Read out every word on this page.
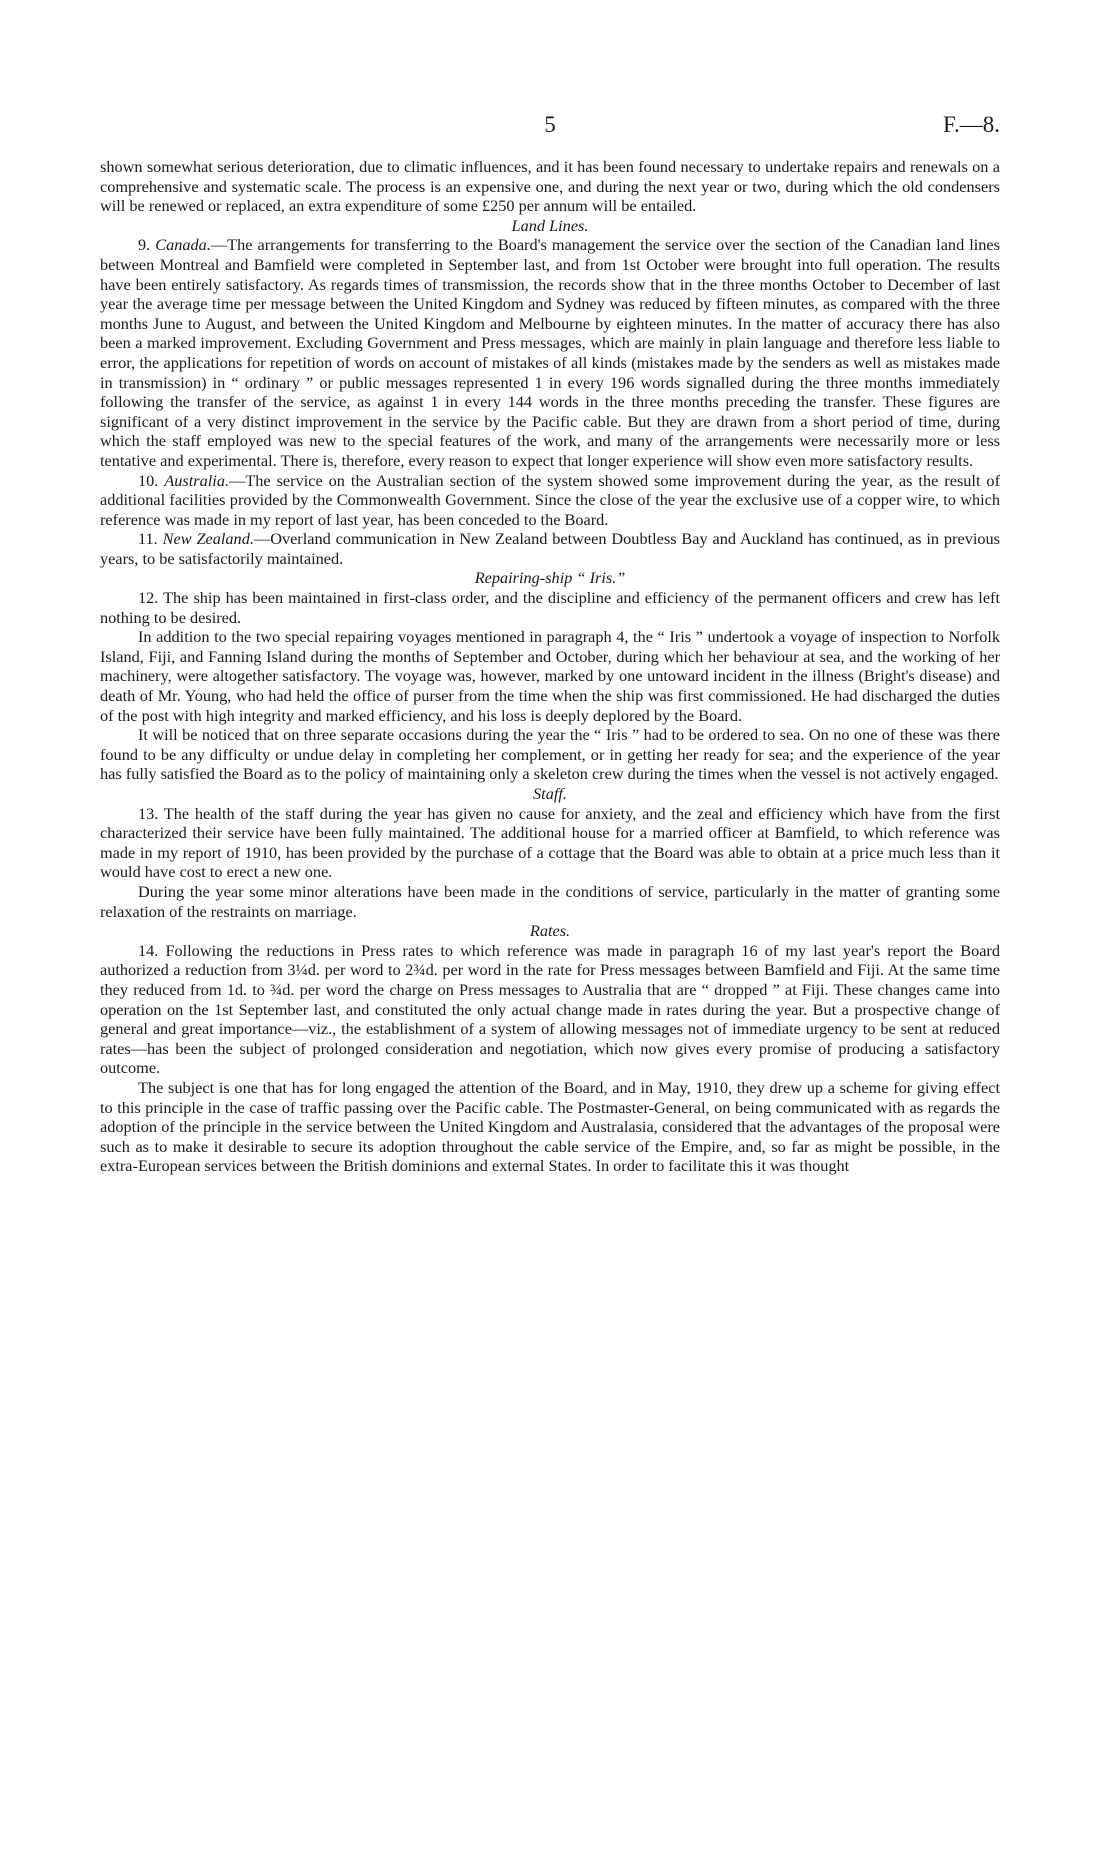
5	F.—8.

shown somewhat serious deterioration, due to climatic influences, and it has been found necessary to undertake repairs and renewals on a comprehensive and systematic scale. The process is an expensive one, and during the next year or two, during which the old condensers will be renewed or replaced, an extra expenditure of some £250 per annum will be entailed.

Land Lines.

9. Canada.—The arrangements for transferring to the Board's management the service over the section of the Canadian land lines between Montreal and Bamfield were completed in September last, and from 1st October were brought into full operation. The results have been entirely satisfactory. As regards times of transmission, the records show that in the three months October to December of last year the average time per message between the United Kingdom and Sydney was reduced by fifteen minutes, as compared with the three months June to August, and between the United Kingdom and Melbourne by eighteen minutes. In the matter of accuracy there has also been a marked improvement. Excluding Government and Press messages, which are mainly in plain language and therefore less liable to error, the applications for repetition of words on account of mistakes of all kinds (mistakes made by the senders as well as mistakes made in transmission) in “ ordinary ” or public messages represented 1 in every 196 words signalled during the three months immediately following the transfer of the service, as against 1 in every 144 words in the three months preceding the transfer. These figures are significant of a very distinct improvement in the service by the Pacific cable. But they are drawn from a short period of time, during which the staff employed was new to the special features of the work, and many of the arrangements were necessarily more or less tentative and experimental. There is, therefore, every reason to expect that longer experience will show even more satisfactory results.

10. Australia.—The service on the Australian section of the system showed some improvement during the year, as the result of additional facilities provided by the Commonwealth Government. Since the close of the year the exclusive use of a copper wire, to which reference was made in my report of last year, has been conceded to the Board.

11. New Zealand.—Overland communication in New Zealand between Doubtless Bay and Auckland has continued, as in previous years, to be satisfactorily maintained.

Repairing-ship “ Iris.”

12. The ship has been maintained in first-class order, and the discipline and efficiency of the permanent officers and crew has left nothing to be desired.

In addition to the two special repairing voyages mentioned in paragraph 4, the “ Iris ” undertook a voyage of inspection to Norfolk Island, Fiji, and Fanning Island during the months of September and October, during which her behaviour at sea, and the working of her machinery, were altogether satisfactory. The voyage was, however, marked by one untoward incident in the illness (Bright's disease) and death of Mr. Young, who had held the office of purser from the time when the ship was first commissioned. He had discharged the duties of the post with high integrity and marked efficiency, and his loss is deeply deplored by the Board.

It will be noticed that on three separate occasions during the year the “ Iris ” had to be ordered to sea. On no one of these was there found to be any difficulty or undue delay in completing her complement, or in getting her ready for sea; and the experience of the year has fully satisfied the Board as to the policy of maintaining only a skeleton crew during the times when the vessel is not actively engaged.

Staff.

13. The health of the staff during the year has given no cause for anxiety, and the zeal and efficiency which have from the first characterized their service have been fully maintained. The additional house for a married officer at Bamfield, to which reference was made in my report of 1910, has been provided by the purchase of a cottage that the Board was able to obtain at a price much less than it would have cost to erect a new one.

During the year some minor alterations have been made in the conditions of service, particularly in the matter of granting some relaxation of the restraints on marriage.

Rates.

14. Following the reductions in Press rates to which reference was made in paragraph 16 of my last year's report the Board authorized a reduction from 3¼d. per word to 2¾d. per word in the rate for Press messages between Bamfield and Fiji. At the same time they reduced from 1d. to ¾d. per word the charge on Press messages to Australia that are “ dropped ” at Fiji. These changes came into operation on the 1st September last, and constituted the only actual change made in rates during the year. But a prospective change of general and great importance—viz., the establishment of a system of allowing messages not of immediate urgency to be sent at reduced rates—has been the subject of prolonged consideration and negotiation, which now gives every promise of producing a satisfactory outcome.

The subject is one that has for long engaged the attention of the Board, and in May, 1910, they drew up a scheme for giving effect to this principle in the case of traffic passing over the Pacific cable. The Postmaster-General, on being communicated with as regards the adoption of the principle in the service between the United Kingdom and Australasia, considered that the advantages of the proposal were such as to make it desirable to secure its adoption throughout the cable service of the Empire, and, so far as might be possible, in the extra-European services between the British dominions and external States. In order to facilitate this it was thought
